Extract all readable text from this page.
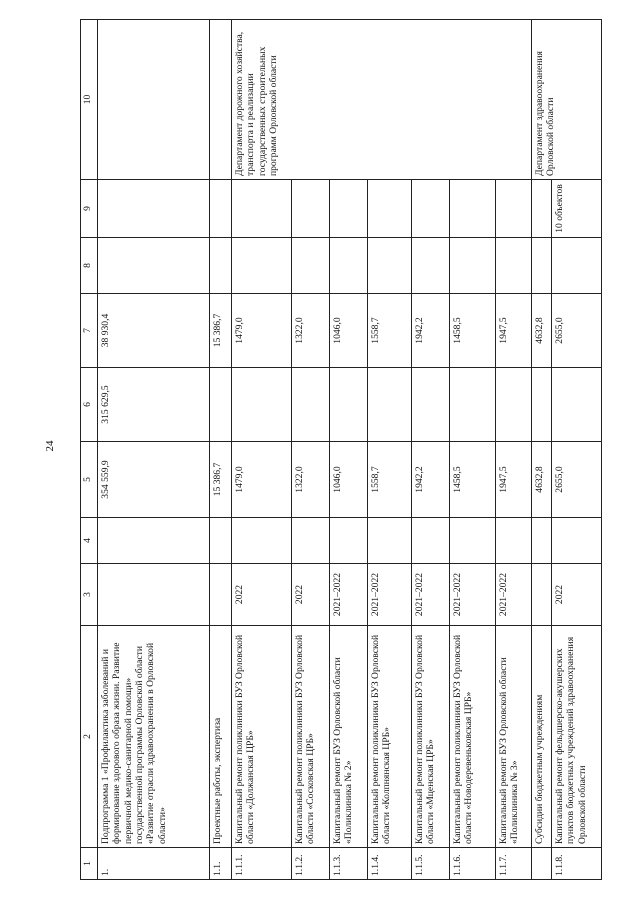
24
1	2	3	4	5	6	7	8	9	10
1.	Подпрограмма 1 «Профилактика заболеваний и формирование здорового образа жизни. Развитие первичной медико-санитарной помощи» государственной программы Орловской области «Развитие отрасли здравоохранения в Орловской области»			354 559,9	315 629,5	38 930,4			
1.1.	Проектные работы, экспертиза			15 386,7		15 386,7			
1.1.1.	Капитальный ремонт поликлиники БУЗ Орловской области «Должанская ЦРБ»	2022		1479,0		1479,0			Департамент дорожного хозяйства, транспорта и реализации государственных строительных программ Орловской области
1.1.2.	Капитальный ремонт поликлиники БУЗ Орловской области «Сосковская ЦРБ»	2022		1322,0		1322,0			
1.1.3.	Капитальный ремонт БУЗ Орловской области «Поликлиника № 2»	2021–2022		1046,0		1046,0			
1.1.4.	Капитальный ремонт поликлиники БУЗ Орловской области «Колпнянская ЦРБ»	2021–2022		1558,7		1558,7			
1.1.5.	Капитальный ремонт поликлиники БУЗ Орловской области «Мценская ЦРБ»	2021–2022		1942,2		1942,2			
1.1.6.	Капитальный ремонт поликлиники БУЗ Орловской области «Новодеревеньковская ЦРБ»	2021–2022		1458,5		1458,5			
1.1.7.	Капитальный ремонт БУЗ Орловской области «Поликлиника № 3»	2021–2022		1947,5		1947,5			
	Субсидии бюджетным учреждениям			4632,8		4632,8			Департамент здравоохранения Орловской области
1.1.8.	Капитальный ремонт фельдшерско-акушерских пунктов бюджетных учреждений здравоохранения Орловской области	2022		2655,0		2655,0		10 объектов	
